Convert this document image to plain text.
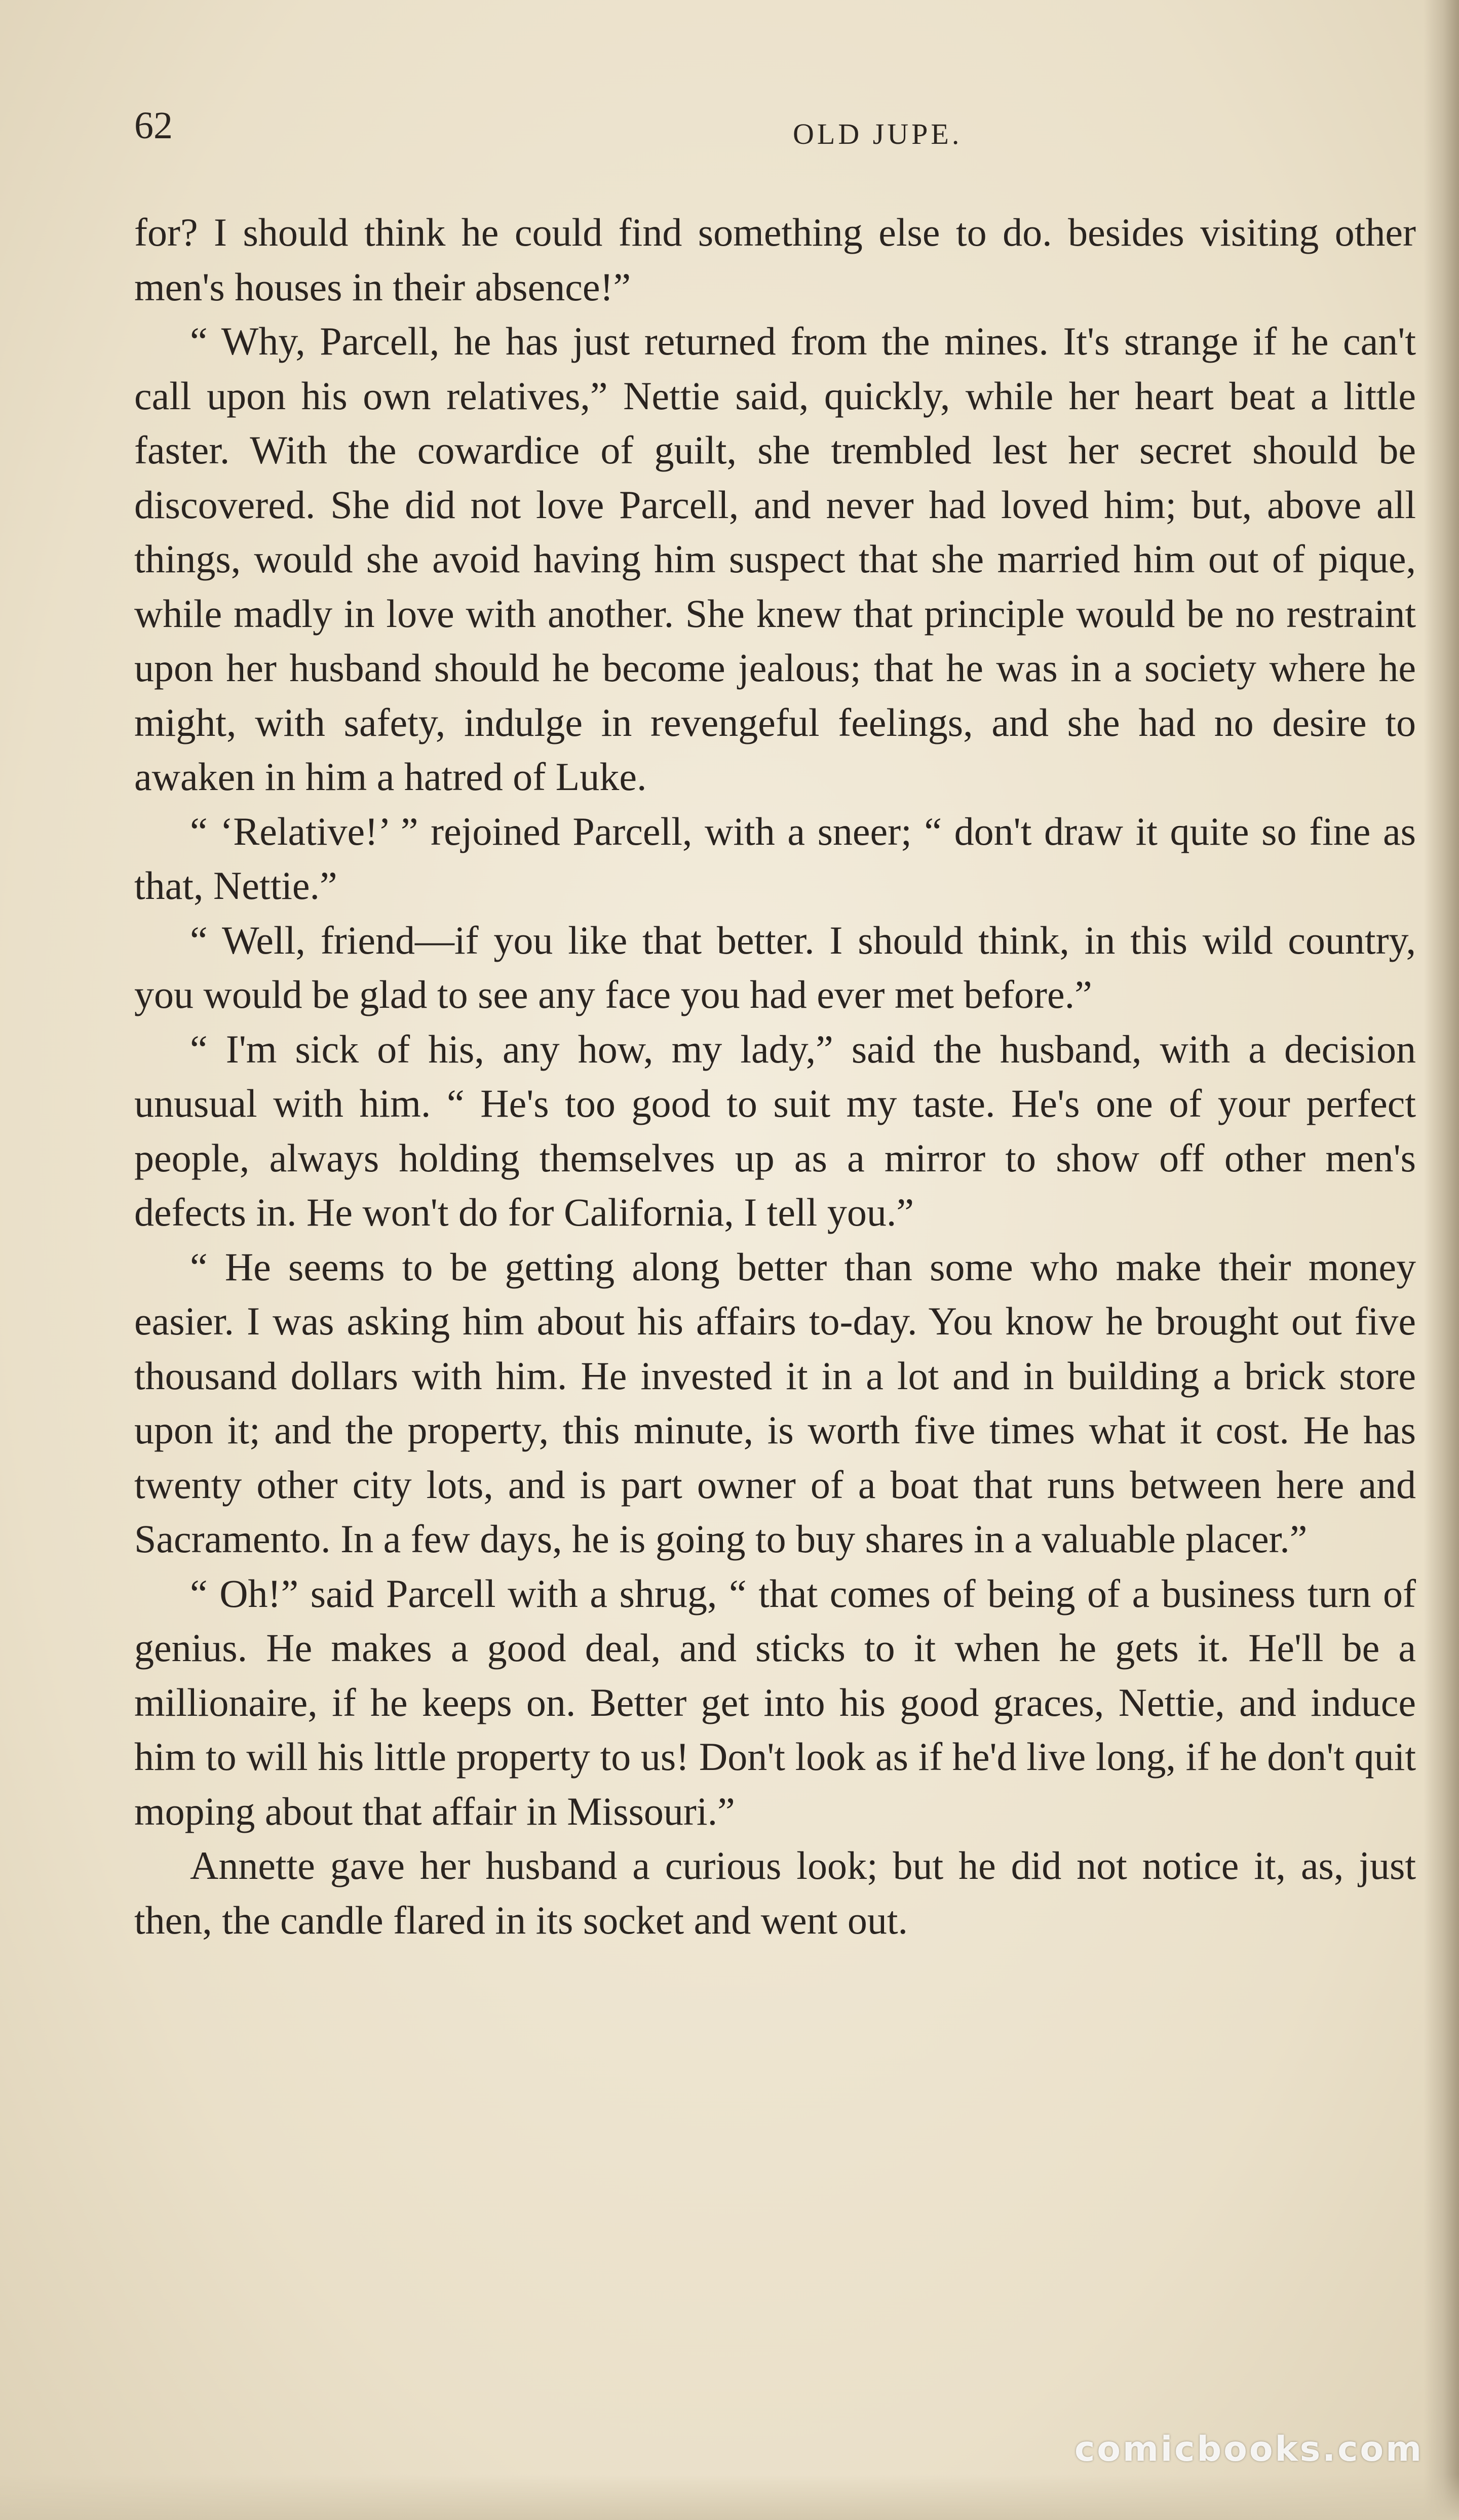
62	OLD JUPE.

for? I should think he could find something else to do. besides visiting other men's houses in their absence!”

“ Why, Parcell, he has just returned from the mines. It's strange if he can't call upon his own relatives,” Nettie said, quickly, while her heart beat a little faster. With the cowardice of guilt, she trembled lest her secret should be discovered. She did not love Parcell, and never had loved him; but, above all things, would she avoid having him suspect that she married him out of pique, while madly in love with another. She knew that principle would be no restraint upon her husband should he become jealous; that he was in a society where he might, with safety, indulge in revengeful feelings, and she had no desire to awaken in him a hatred of Luke.

“ ‘Relative!’ ” rejoined Parcell, with a sneer; “ don't draw it quite so fine as that, Nettie.”

“ Well, friend—if you like that better. I should think, in this wild country, you would be glad to see any face you had ever met before.”

“ I'm sick of his, any how, my lady,” said the husband, with a decision unusual with him. “ He's too good to suit my taste. He's one of your perfect people, always holding themselves up as a mirror to show off other men's defects in. He won't do for California, I tell you.”

“ He seems to be getting along better than some who make their money easier. I was asking him about his affairs to-day. You know he brought out five thousand dollars with him. He invested it in a lot and in building a brick store upon it; and the property, this minute, is worth five times what it cost. He has twenty other city lots, and is part owner of a boat that runs between here and Sacramento. In a few days, he is going to buy shares in a valuable placer.”

“ Oh!” said Parcell with a shrug, “ that comes of being of a business turn of genius. He makes a good deal, and sticks to it when he gets it. He'll be a millionaire, if he keeps on. Better get into his good graces, Nettie, and induce him to will his little property to us! Don't look as if he'd live long, if he don't quit moping about that affair in Missouri.”

Annette gave her husband a curious look; but he did not notice it, as, just then, the candle flared in its socket and went out.

comicbooks.com
